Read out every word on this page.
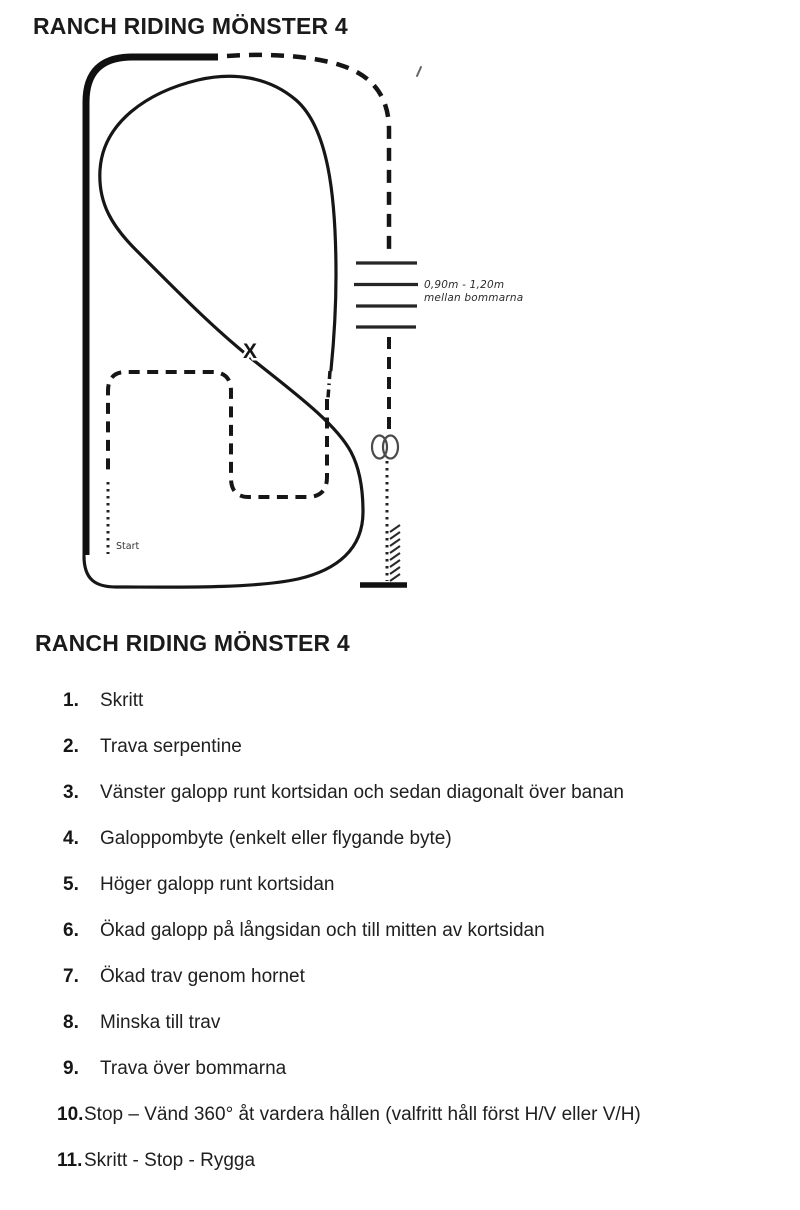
RANCH RIDING MÖNSTER 4
0,90m - 1,20m
mellan bommarna
X
Start
RANCH RIDING MÖNSTER 4
1.	Skritt
2.	Trava serpentine
3.	Vänster galopp runt kortsidan och sedan diagonalt över banan
4.	Galoppombyte (enkelt eller flygande byte)
5.	Höger galopp runt kortsidan
6.	Ökad galopp på långsidan och till mitten av kortsidan
7.	Ökad trav genom hornet
8.	Minska till trav
9.	Trava över bommarna
10. Stop – Vänd 360° åt vardera hållen (valfritt håll först H/V eller V/H)
11. Skritt - Stop - Rygga
